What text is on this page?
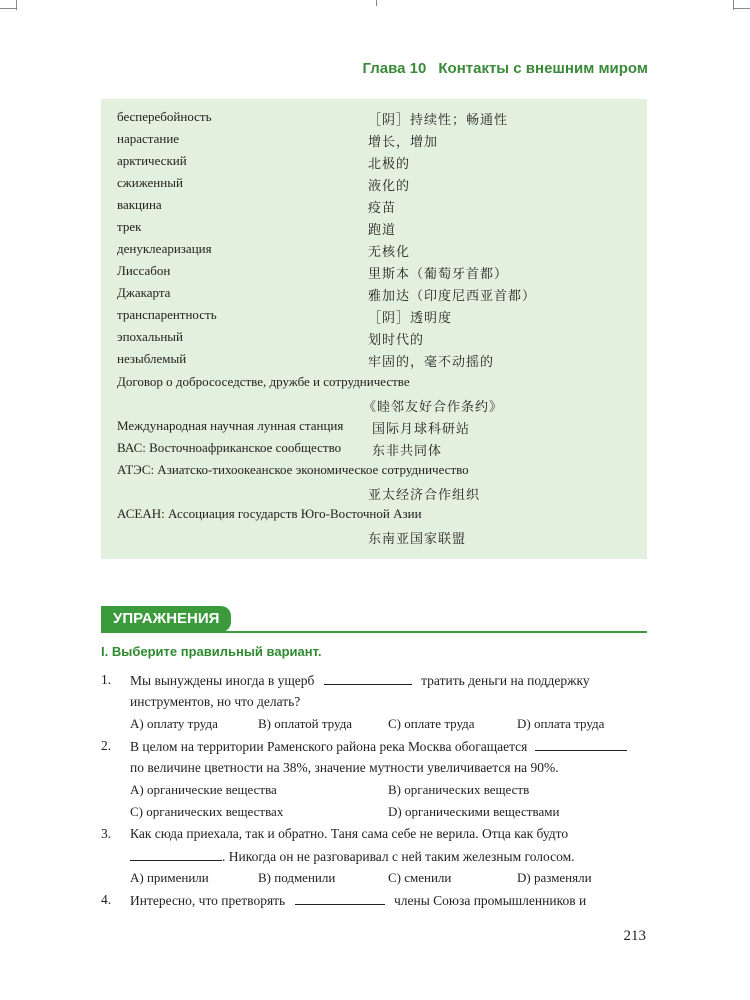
Глава 10 Контакты с внешним миром
бесперебойность	［阴］持续性；畅通性
нарастание	增长，增加
арктический	北极的
сжиженный	液化的
вакцина	疫苗
трек	跑道
денуклеаризация	无核化
Лиссабон	里斯本（葡萄牙首都）
Джакарта	雅加达（印度尼西亚首都）
транспарентность	［阴］透明度
эпохальный	划时代的
незыблемый	牢固的，毫不动摇的
Договор о добрососедстве, дружбе и сотрудничестве
《睦邻友好合作条约》
Международная научная лунная станция 国际月球科研站
ВАС: Восточноафриканское сообщество 东非共同体
АТЭС: Азиатско-тихоокеанское экономическое сотрудничество
亚太经济合作组织
АСЕАН: Ассоциация государств Юго-Восточной Азии
东南亚国家联盟
УПРАЖНЕНИЯ
I. Выберите правильный вариант.
1. Мы вынуждены иногда в ущерб	тратить деньги на поддержку
инструментов, но что делать?
A) оплату труда	B) оплатой труда	C) оплате труда	D) оплата труда
2. В целом на территории Раменского района река Москва обогащается
по величине цветности на 38%, значение мутности увеличивается на 90%.
A) органические вещества	B) органических веществ
C) органических веществах	D) органическими веществами
3. Как сюда приехала, так и обратно. Таня сама себе не верила. Отца как будто
. Никогда он не разговаривал с ней таким железным голосом.
A) применили	B) подменили	C) сменили	D) разменяли
4. Интересно, что претворять	члены Союза промышленников и
213
